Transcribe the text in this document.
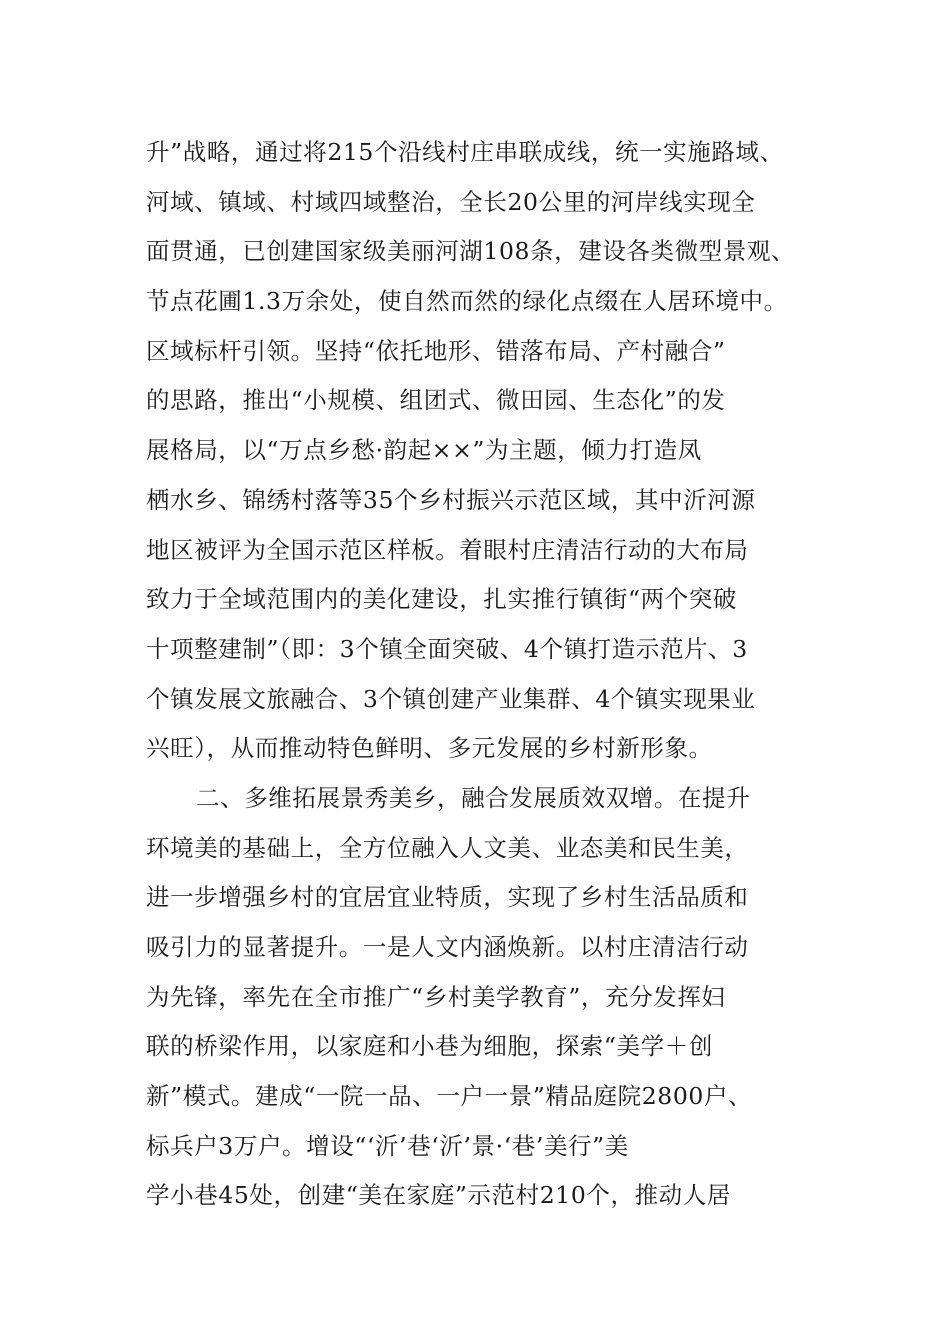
升”战略，通过将215个沿线村庄串联成线，统一实施路域、
河域、镇域、村域四域整治，全长20公里的河岸线实现全
面贯通，已创建国家级美丽河湖108条，建设各类微型景观、
节点花圃1.3万余处，使自然而然的绿化点缀在人居环境中。
区域标杆引领。坚持“依托地形、错落布局、产村融合”
的思路，推出“小规模、组团式、微田园、生态化”的发
展格局，以“万点乡愁·韵起××”为主题，倾力打造凤
栖水乡、锦绣村落等35个乡村振兴示范区域，其中沂河源
地区被评为全国示范区样板。着眼村庄清洁行动的大布局
致力于全域范围内的美化建设，扎实推行镇街“两个突破
十项整建制”（即：3个镇全面突破、4个镇打造示范片、3
个镇发展文旅融合、3个镇创建产业集群、4个镇实现果业
兴旺），从而推动特色鲜明、多元发展的乡村新形象。
二、多维拓展景秀美乡，融合发展质效双增。在提升
环境美的基础上，全方位融入人文美、业态美和民生美，
进一步增强乡村的宜居宜业特质，实现了乡村生活品质和
吸引力的显著提升。一是人文内涵焕新。以村庄清洁行动
为先锋，率先在全市推广“乡村美学教育”，充分发挥妇
联的桥梁作用，以家庭和小巷为细胞，探索“美学＋创
新”模式。建成“一院一品、一户一景”精品庭院2800户、
标兵户3万户。增设“‘沂’巷‘沂’景·‘巷’美行”美
学小巷45处，创建“美在家庭”示范村210个，推动人居
